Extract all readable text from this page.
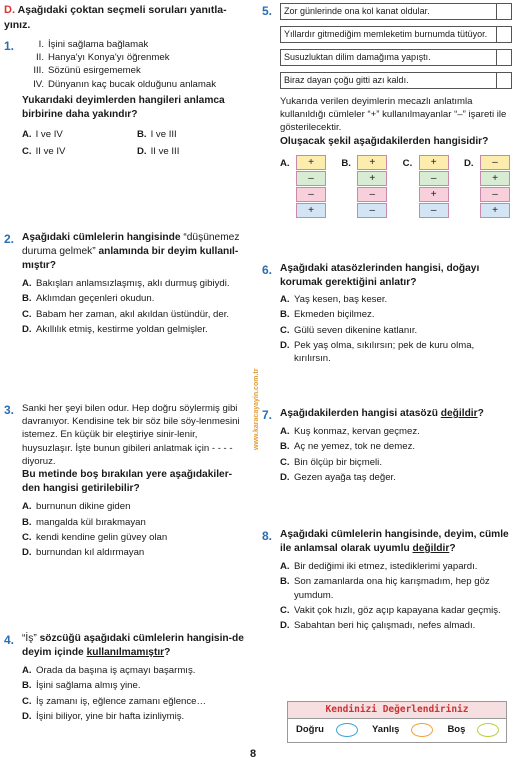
D. Aşağıdaki çoktan seçmeli soruları yanıtla-yınız.
1.	I. İşini sağlama bağlamak
II. Hanya'yı Konya'yı öğrenmek
III. Sözünü esirgememek
IV. Dünyanın kaç bucak olduğunu anlamak
Yukarıdaki deyimlerden hangileri anlamca birbirine daha yakındır?
A. I ve IV	B. I ve III
C. II ve IV	D. II ve III
2. Aşağıdaki cümlelerin hangisinde “düşünemez duruma gelmek” anlamında bir deyim kullanıl-mıştır?
A. Bakışları anlamsızlaşmış, aklı durmuş gibiydi.
B. Aklımdan geçenleri okudun.
C. Babam her zaman, akıl akıldan üstündür, der.
D. Akıllılık etmiş, kestirme yoldan gelmişler.
3. Sanki her şeyi bilen odur. Hep doğru söylermiş gibi davranıyor. Kendisine tek bir söz bile söy-lenmesini istemez. En küçük bir eleştiriye sinir-lenir, huysuzlaşır. İşte bunun gibileri anlatmak için - - - - diyoruz.
Bu metinde boş bırakılan yere aşağıdakiler-den hangisi getirilebilir?
A. burnunun dikine giden
B. mangalda kül bırakmayan
C. kendi kendine gelin güvey olan
D. burnundan kıl aldırmayan
4. “İş” sözcüğü aşağıdaki cümlelerin hangisin-de deyim içinde kullanılmamıştır?
A. Orada da başına iş açmayı başarmış.
B. İşini sağlama almış yine.
C. İş zamanı iş, eğlence zamanı eğlence…
D. İşini biliyor, yine bir hafta izinliymiş.
www.karacayayin.com.tr
5. Zor günlerinde ona kol kanat oldular.
Yıllardır gitmediğim memleketim burnumda tütüyor.
Susuzluktan dilim damağıma yapıştı.
Biraz dayan çoğu gitti azı kaldı.
Yukarıda verilen deyimlerin mecazlı anlatımla kullanıldığı cümleler “+” kullanılmayanlar “–” işareti ile gösterilecektir.
Oluşacak şekil aşağıdakilerden hangisidir?
A.	+
–
–
+
B.	+
+
–
–
C.	+
–
+
–
D.	–
+
–
+
6. Aşağıdaki atasözlerinden hangisi, doğayı korumak gerektiğini anlatır?
A. Yaş kesen, baş keser.
B. Ekmeden biçilmez.
C. Gülü seven dikenine katlanır.
D. Pek yaş olma, sıkılırsın; pek de kuru olma, kırılırsın.
7. Aşağıdakilerden hangisi atasözü değildir?
A. Kuş konmaz, kervan geçmez.
B. Aç ne yemez, tok ne demez.
C. Bin ölçüp bir biçmeli.
D. Gezen ayağa taş değer.
8. Aşağıdaki cümlelerin hangisinde, deyim, cümle ile anlamsal olarak uyumlu değildir?
A. Bir dediğimi iki etmez, istediklerimi yapardı.
B. Son zamanlarda ona hiç karışmadım, hep göz yumdum.
C. Vakit çok hızlı, göz açıp kapayana kadar geçmiş.
D. Sabahtan beri hiç çalışmadı, nefes almadı.
Kendinizi Değerlendiriniz
Doğru	Yanlış	Boş
8
